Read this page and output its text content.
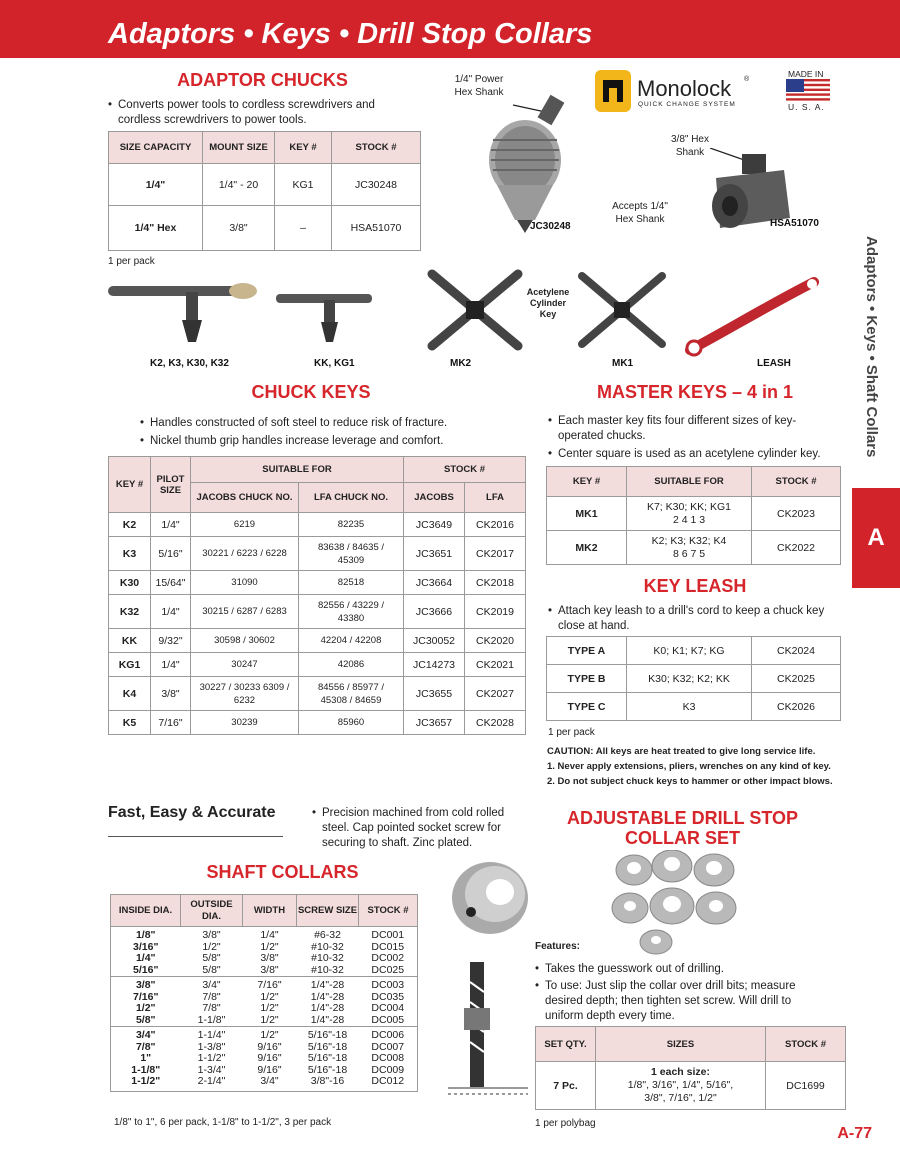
Adaptors • Keys • Drill Stop Collars
ADAPTOR CHUCKS
• Converts power tools to cordless screwdrivers and cordless screwdrivers to power tools.
SIZE CAPACITY	MOUNT SIZE	KEY #	STOCK #
1/4"	1/4" - 20	KG1	JC30248
1/4" Hex	3/8"	–	HSA51070
1 per pack
1/4" Power Hex Shank
JC30248
Monolock ®
QUICK CHANGE SYSTEM
MADE IN
U. S. A.
3/8" Hex Shank
Accepts 1/4" Hex Shank	HSA51070
Acetylene Cylinder Key
K2, K3, K30, K32	KK, KG1	MK2	MK1	LEASH
CHUCK KEYS
• Handles constructed of soft steel to reduce risk of fracture.
• Nickel thumb grip handles increase leverage and comfort.
KEY #	PILOT SIZE	SUITABLE FOR		STOCK #	
		JACOBS CHUCK NO.	LFA CHUCK NO.	JACOBS	LFA
K2	1/4"	6219	82235	JC3649	CK2016
K3	5/16"	30221 / 6223 / 6228	83638 / 84635 / 45309	JC3651	CK2017
K30	15/64"	31090	82518	JC3664	CK2018
K32	1/4"	30215 / 6287 / 6283	82556 / 43229 / 43380	JC3666	CK2019
KK	9/32"	30598 / 30602	42204 / 42208	JC30052	CK2020
KG1	1/4"	30247	42086	JC14273	CK2021
K4	3/8"	30227 / 30233 6309 / 6232	84556 / 85977 / 45308 / 84659	JC3655	CK2027
K5	7/16"	30239	85960	JC3657	CK2028
MASTER KEYS – 4 in 1
• Each master key fits four different sizes of key-operated chucks.
• Center square is used as an acetylene cylinder key.
KEY #	SUITABLE FOR	STOCK #
MK1	K7; K30; KK; KG1
2 4 1 3	CK2023
MK2	K2; K3; K32; K4
8 6 7 5	CK2022
KEY LEASH
• Attach key leash to a drill's cord to keep a chuck key close at hand.
TYPE A	K0; K1; K7; KG	CK2024
TYPE B	K30; K32; K2; KK	CK2025
TYPE C	K3	CK2026
1 per pack
CAUTION: All keys are heat treated to give long service life.
1. Never apply extensions, pliers, wrenches on any kind of key.
2. Do not subject chuck keys to hammer or other impact blows.
Fast, Easy & Accurate	• Precision machined from cold rolled steel. Cap pointed socket screw for securing to shaft. Zinc plated.
SHAFT COLLARS
INSIDE DIA.	OUTSIDE DIA.	WIDTH	SCREW SIZE	STOCK #
1/8"	3/8"	1/4"	#6-32	DC001
3/16"	1/2"	1/2"	#10-32	DC015
1/4"	5/8"	3/8"	#10-32	DC002
5/16"	5/8"	3/8"	#10-32	DC025
3/8"	3/4"	7/16"	1/4"-28	DC003
7/16"	7/8"	1/2"	1/4"-28	DC035
1/2"	7/8"	1/2"	1/4"-28	DC004
5/8"	1-1/8"	1/2"	1/4"-28	DC005
3/4"	1-1/4"	1/2"	5/16"-18	DC006
7/8"	1-3/8"	9/16"	5/16"-18	DC007
1"	1-1/2"	9/16"	5/16"-18	DC008
1-1/8"	1-3/4"	9/16"	5/16"-18	DC009
1-1/2"	2-1/4"	3/4"	3/8"-16	DC012
1/8" to 1", 6 per pack, 1-1/8" to 1-1/2", 3 per pack
ADJUSTABLE DRILL STOP
COLLAR SET
Features:
• Takes the guesswork out of drilling.
• To use: Just slip the collar over drill bits; measure desired depth; then tighten set screw. Will drill to uniform depth every time.
SET QTY.	SIZES	STOCK #
7 Pc.	1 each size:
1/8", 3/16", 1/4", 5/16",
3/8", 7/16", 1/2"	DC1699
1 per polybag
Adaptors • Keys • Shaft Collars
A
A-77
